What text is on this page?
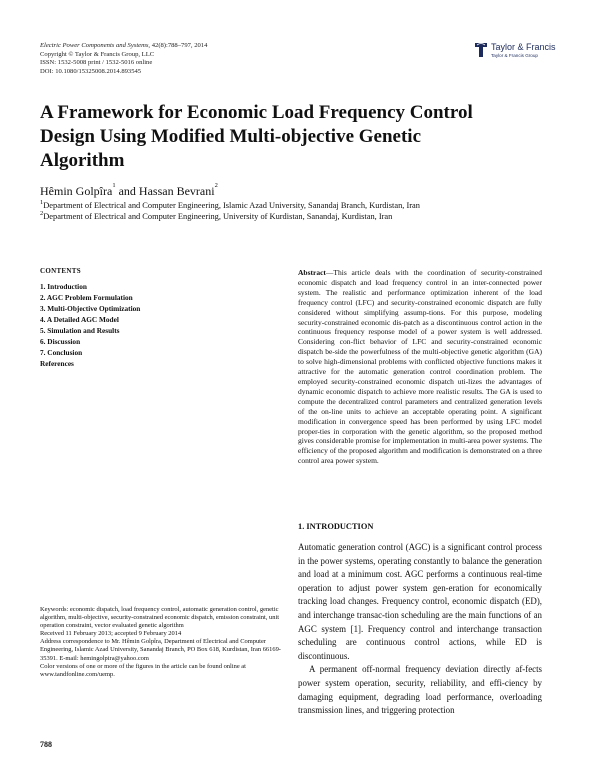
Electric Power Components and Systems, 42(8):788–797, 2014
Copyright © Taylor & Francis Group, LLC
ISSN: 1532-5008 print / 1532-5016 online
DOI: 10.1080/15325008.2014.893545
Taylor & Francis
Taylor & Francis Group
A Framework for Economic Load Frequency Control
Design Using Modified Multi-objective Genetic
Algorithm
Hêmin Golpîra$^1$ and Hassan Bevrani$^2$
$^1$Department of Electrical and Computer Engineering, Islamic Azad University, Sanandaj Branch, Kurdistan, Iran
$^2$Department of Electrical and Computer Engineering, University of Kurdistan, Sanandaj, Kurdistan, Iran
CONTENTS
1. Introduction
2. AGC Problem Formulation
3. Multi-Objective Optimization
4. A Detailed AGC Model
5. Simulation and Results
6. Discussion
7. Conclusion
References

Abstract—This article deals with the coordination of security-constrained economic dispatch and load frequency control in an inter-connected power system. The realistic and performance optimization inherent of the load frequency control (LFC) and security-constrained economic dispatch are fully considered without simplifying assump-tions. For this purpose, modeling security-constrained economic dis-patch as a discontinuous control action in the continuous frequency response model of a power system is well addressed. Considering con-flict behavior of LFC and security-constrained economic dispatch be-side the powerfulness of the multi-objective genetic algorithm (GA) to solve high-dimensional problems with conflicted objective functions makes it attractive for the automatic generation control coordination problem. The employed security-constrained economic dispatch uti-lizes the advantages of dynamic economic dispatch to achieve more realistic results. The GA is used to compute the decentralized control parameters and centralized generation levels of the on-line units to achieve an acceptable operating point. A significant modification in convergence speed has been performed by using LFC model proper-ties in corporation with the genetic algorithm, so the proposed method gives considerable promise for implementation in multi-area power systems. The efficiency of the proposed algorithm and modification is demonstrated on a three control area power system.

1. INTRODUCTION

Automatic generation control (AGC) is a significant control process in the power systems, operating constantly to balance the generation and load at a minimum cost. AGC performs a continuous real-time operation to adjust power system gen-eration for economically tracking load changes. Frequency control, economic dispatch (ED), and interchange transac-tion scheduling are the main functions of an AGC system [1]. Frequency control and interchange transaction scheduling are continuous control actions, while ED is discontinuous.

A permanent off-normal frequency deviation directly af-fects power system operation, security, reliability, and effi-ciency by damaging equipment, degrading load performance, overloading transmission lines, and triggering protection

Keywords: economic dispatch, load frequency control, automatic generation control, genetic algorithm, multi-objective, security-constrained economic dispatch, emission constraint, unit operation constraint, vector evaluated genetic algorithm
Received 11 February 2013; accepted 9 February 2014
Address correspondence to Mr. Hêmin Golpîra, Department of Electrical and Computer Engineering, Islamic Azad University, Sanandaj Branch, PO Box 618, Kurdistan, Iran 66169-35391. E-mail: hemingolpira@yahoo.com
Color versions of one or more of the figures in the article can be found online at www.tandfonline.com/uemp.
788
